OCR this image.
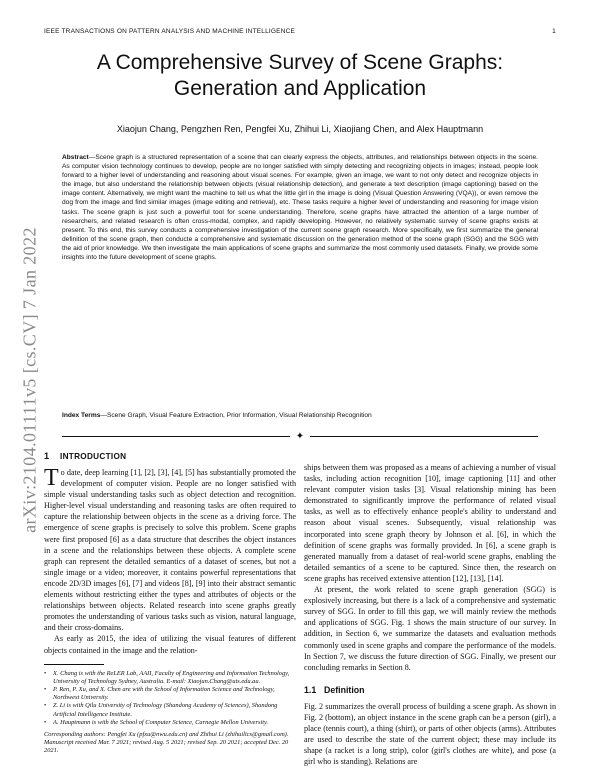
IEEE TRANSACTIONS ON PATTERN ANALYSIS AND MACHINE INTELLIGENCE	1
arXiv:2104.01111v5 [cs.CV] 7 Jan 2022
A Comprehensive Survey of Scene Graphs:
Generation and Application
Xiaojun Chang, Pengzhen Ren, Pengfei Xu, Zhihui Li, Xiaojiang Chen, and Alex Hauptmann
Abstract—Scene graph is a structured representation of a scene that can clearly express the objects, attributes, and relationships between objects in the scene. As computer vision technology continues to develop, people are no longer satisfied with simply detecting and recognizing objects in images; instead, people look forward to a higher level of understanding and reasoning about visual scenes. For example, given an image, we want to not only detect and recognize objects in the image, but also understand the relationship between objects (visual relationship detection), and generate a text description (image captioning) based on the image content. Alternatively, we might want the machine to tell us what the little girl in the image is doing (Visual Question Answering (VQA)), or even remove the dog from the image and find similar images (image editing and retrieval), etc. These tasks require a higher level of understanding and reasoning for image vision tasks. The scene graph is just such a powerful tool for scene understanding. Therefore, scene graphs have attracted the attention of a large number of researchers, and related research is often cross-modal, complex, and rapidly developing. However, no relatively systematic survey of scene graphs exists at present. To this end, this survey conducts a comprehensive investigation of the current scene graph research. More specifically, we first summarize the general definition of the scene graph, then conducte a comprehensive and systematic discussion on the generation method of the scene graph (SGG) and the SGG with the aid of prior knowledge. We then investigate the main applications of scene graphs and summarize the most commonly used datasets. Finally, we provide some insights into the future development of scene graphs.
Index Terms—Scene Graph, Visual Feature Extraction, Prior Information, Visual Relationship Recognition
✦
1 INTRODUCTION

To date, deep learning [1], [2], [3], [4], [5] has substantially promoted the development of computer vision. People are no longer satisfied with simple visual understanding tasks such as object detection and recognition. Higher-level visual understanding and reasoning tasks are often required to capture the relationship between objects in the scene as a driving force. The emergence of scene graphs is precisely to solve this problem. Scene graphs were first proposed [6] as a data structure that describes the object instances in a scene and the relationships between these objects. A complete scene graph can represent the detailed semantics of a dataset of scenes, but not a single image or a video; moreover, it contains powerful representations that encode 2D/3D images [6], [7] and videos [8], [9] into their abstract semantic elements without restricting either the types and attributes of objects or the relationships between objects. Related research into scene graphs greatly promotes the understanding of various tasks such as vision, natural language, and their cross-domains.

As early as 2015, the idea of utilizing the visual features of different objects contained in the image and the relation-

• X. Chang is with the ReLER Lab, AAII, Faculty of Engineering and Information Technology, University of Technology Sydney, Australia. E-mail: Xiaojun.Chang@uts.edu.au.

• P. Ren, P. Xu, and X. Chen are with the School of Information Science and Technology, Northwest University.

• Z. Li is with Qilu University of Technology (Shandong Academy of Sciences), Shandong Artificial Intelligence Institute.

• A. Hauptmann is with the School of Computer Science, Carnegie Mellon University.

Corresponding authors: Pengfei Xu (pfxu@nwu.edu.cn) and Zhihui Li (zhihuilics@gmail.com).

Manuscript received Mar. 7 2021; revised Aug. 5 2021; revised Sep. 20 2021; accepted Dec. 20 2021.

ships between them was proposed as a means of achieving a number of visual tasks, including action recognition [10], image captioning [11] and other relevant computer vision tasks [3]. Visual relationship mining has been demonstrated to significantly improve the performance of related visual tasks, as well as to effectively enhance people's ability to understand and reason about visual scenes. Subsequently, visual relationship was incorporated into scene graph theory by Johnson et al. [6], in which the definition of scene graphs was formally provided. In [6], a scene graph is generated manually from a dataset of real-world scene graphs, enabling the detailed semantics of a scene to be captured. Since then, the research on scene graphs has received extensive attention [12], [13], [14].

At present, the work related to scene graph generation (SGG) is explosively increasing, but there is a lack of a comprehensive and systematic survey of SGG. In order to fill this gap, we will mainly review the methods and applications of SGG. Fig. 1 shows the main structure of our survey. In addition, in Section 6, we summarize the datasets and evaluation methods commonly used in scene graphs and compare the performance of the models. In Section 7, we discuss the future direction of SGG. Finally, we present our concluding remarks in Section 8.

1.1 Definition

Fig. 2 summarizes the overall process of building a scene graph. As shown in Fig. 2 (bottom), an object instance in the scene graph can be a person (girl), a place (tennis court), a thing (shirt), or parts of other objects (arms). Attributes are used to describe the state of the current object; these may include its shape (a racket is a long strip), color (girl's clothes are white), and pose (a girl who is standing). Relations are
